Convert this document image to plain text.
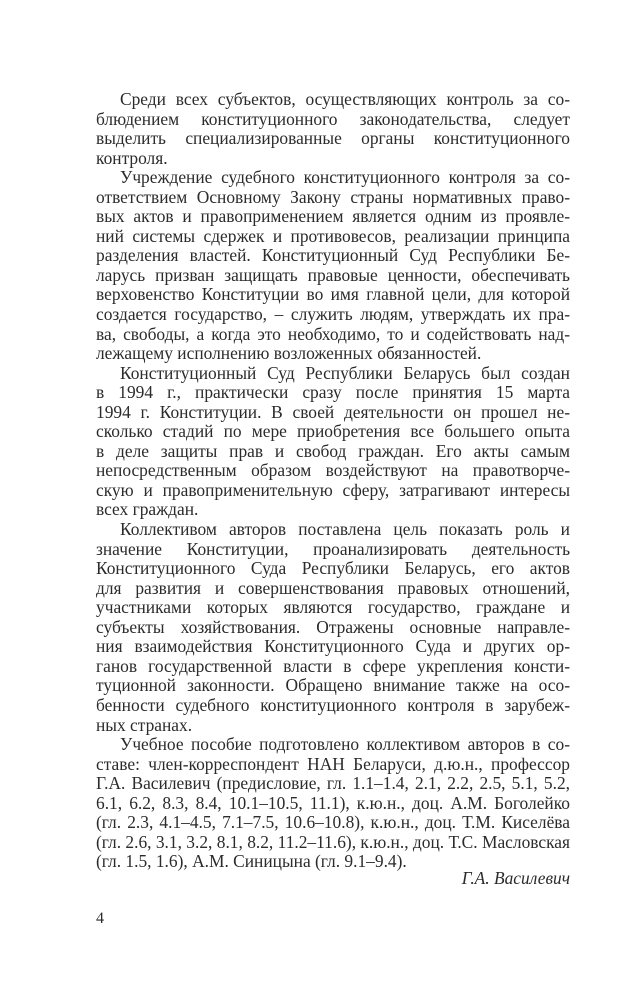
Среди всех субъектов, осуществляющих контроль за со-
блюдением конституционного законодательства, следует
выделить специализированные органы конституционного
контроля.
Учреждение судебного конституционного контроля за со-
ответствием Основному Закону страны нормативных право-
вых актов и правоприменением является одним из проявле-
ний системы сдержек и противовесов, реализации принципа
разделения властей. Конституционный Суд Республики Бе-
ларусь призван защищать правовые ценности, обеспечивать
верховенство Конституции во имя главной цели, для которой
создается государство, – служить людям, утверждать их пра-
ва, свободы, а когда это необходимо, то и содействовать над-
лежащему исполнению возложенных обязанностей.
Конституционный Суд Республики Беларусь был создан
в 1994 г., практически сразу после принятия 15 марта
1994 г. Конституции. В своей деятельности он прошел не-
сколько стадий по мере приобретения все большего опыта
в деле защиты прав и свобод граждан. Его акты самым
непосредственным образом воздействуют на правотворче-
скую и правоприменительную сферу, затрагивают интересы
всех граждан.
Коллективом авторов поставлена цель показать роль и
значение Конституции, проанализировать деятельность
Конституционного Суда Республики Беларусь, его актов
для развития и совершенствования правовых отношений,
участниками которых являются государство, граждане и
субъекты хозяйствования. Отражены основные направле-
ния взаимодействия Конституционного Суда и других ор-
ганов государственной власти в сфере укрепления консти-
туционной законности. Обращено внимание также на осо-
бенности судебного конституционного контроля в зарубеж-
ных странах.
Учебное пособие подготовлено коллективом авторов в со-
ставе: член-корреспондент НАН Беларуси, д.ю.н., профессор
Г.А. Василевич (предисловие, гл. 1.1–1.4, 2.1, 2.2, 2.5, 5.1, 5.2,
6.1, 6.2, 8.3, 8.4, 10.1–10.5, 11.1), к.ю.н., доц. А.М. Боголейко
(гл. 2.3, 4.1–4.5, 7.1–7.5, 10.6–10.8), к.ю.н., доц. Т.М. Киселёва
(гл. 2.6, 3.1, 3.2, 8.1, 8.2, 11.2–11.6), к.ю.н., доц. Т.С. Масловская
(гл. 1.5, 1.6), А.М. Синицына (гл. 9.1–9.4).
Г.А. Василевич
4
